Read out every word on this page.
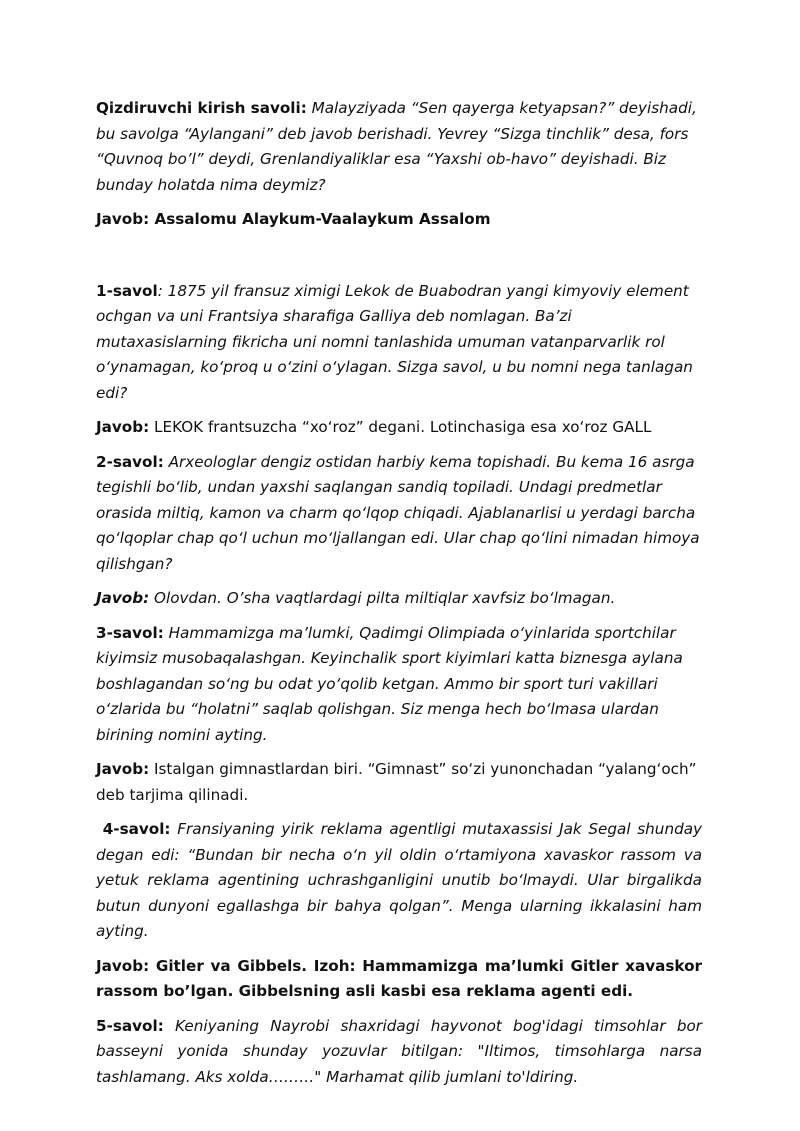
Qizdiruvchi kirish savoli: Malayziyada “Sen qayerga ketyapsan?” deyishadi, bu savolga “Aylangani” deb javob berishadi. Yevrey “Sizga tinchlik” desa, fors “Quvnoq bo’l” deydi, Grenlandiyaliklar esa “Yaxshi ob-havo” deyishadi. Biz bunday holatda nima deymiz?

Javob: Assalomu Alaykum-Vaalaykum Assalom

1-savol: 1875 yil fransuz ximigi Lekok de Buabodran yangi kimyoviy element ochgan va uni Frantsiya sharafiga Galliya deb nomlagan. Ba’zi mutaxasislarning fikricha uni nomni tanlashida umuman vatanparvarlik rol o‘ynamagan, ko‘proq u o‘zini o‘ylagan. Sizga savol, u bu nomni nega tanlagan edi?

Javob: LEKOK frantsuzcha “xo‘roz” degani. Lotinchasiga esa xo‘roz GALL

2-savol: Arxeologlar dengiz ostidan harbiy kema topishadi. Bu kema 16 asrga tegishli bo‘lib, undan yaxshi saqlangan sandiq topiladi. Undagi predmetlar orasida miltiq, kamon va charm qo‘lqop chiqadi. Ajablanarlisi u yerdagi barcha qo‘lqoplar chap qo‘l uchun mo‘ljallangan edi. Ular chap qo‘lini nimadan himoya qilishgan?

Javob: Olovdan. O’sha vaqtlardagi pilta miltiqlar xavfsiz bo‘lmagan.

3-savol: Hammamizga ma’lumki, Qadimgi Olimpiada o‘yinlarida sportchilar kiyimsiz musobaqalashgan. Keyinchalik sport kiyimlari katta biznesga aylana boshlagandan so‘ng bu odat yo‘qolib ketgan. Ammo bir sport turi vakillari o‘zlarida bu “holatni” saqlab qolishgan. Siz menga hech bo‘lmasa ulardan birining nomini ayting.

Javob: Istalgan gimnastlardan biri. “Gimnast” so‘zi yunonchadan “yalang‘och” deb tarjima qilinadi.

4-savol: Fransiyaning yirik reklama agentligi mutaxassisi Jak Segal shunday degan edi: “Bundan bir necha o‘n yil oldin o‘rtamiyona xavaskor rassom va yetuk reklama agentining uchrashganligini unutib bo‘lmaydi. Ular birgalikda butun dunyoni egallashga bir bahya qolgan”. Menga ularning ikkalasini ham ayting.

Javob: Gitler va Gibbels. Izoh: Hammamizga ma’lumki Gitler xavaskor rassom bo’lgan. Gibbelsning asli kasbi esa reklama agenti edi.

5-savol: Keniyaning Nayrobi shaxridagi hayvonot bog'idagi timsohlar bor basseyni yonida shunday yozuvlar bitilgan: "Iltimos, timsohlarga narsa tashlamang. Aks xolda………" Marhamat qilib jumlani to'ldiring.
